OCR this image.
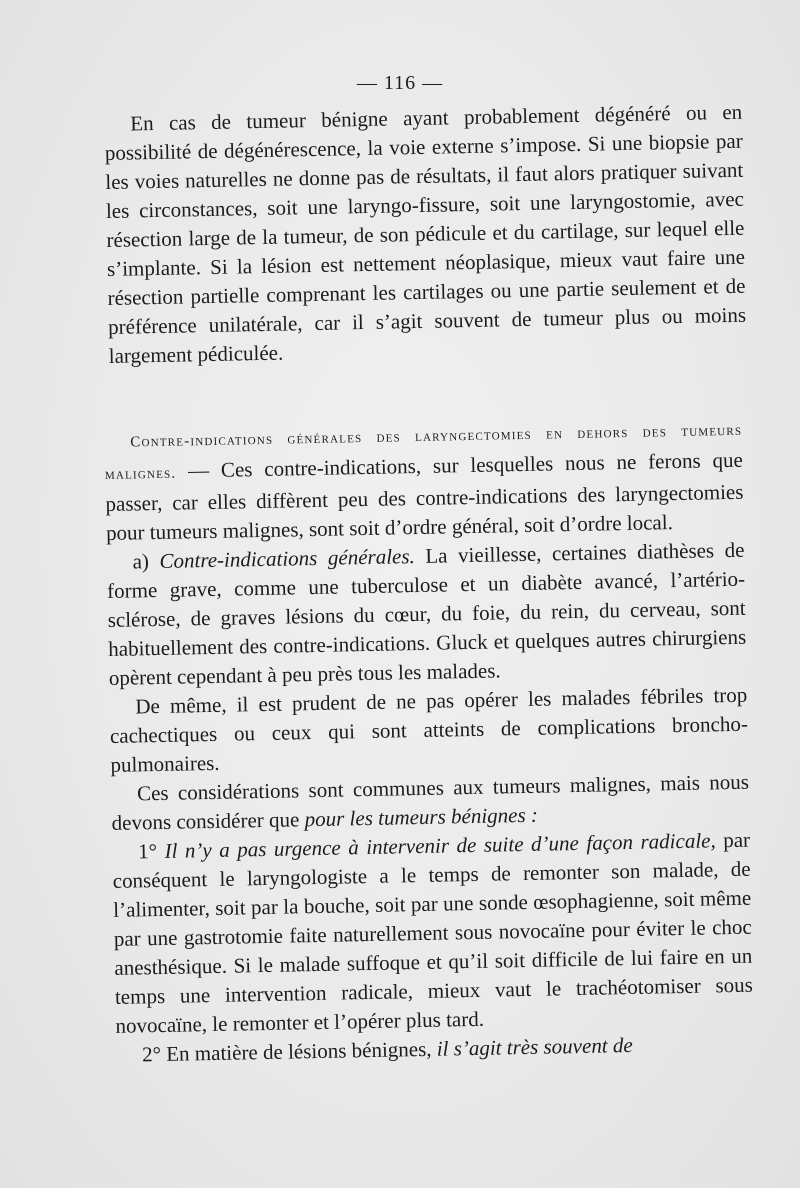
— 116 —

En cas de tumeur bénigne ayant probablement dégénéré ou en possibilité de dégénérescence, la voie externe s’impose. Si une biopsie par les voies naturelles ne donne pas de résultats, il faut alors pratiquer suivant les circonstances, soit une laryngo-fissure, soit une laryngostomie, avec résection large de la tumeur, de son pédicule et du cartilage, sur lequel elle s’implante. Si la lésion est nettement néoplasique, mieux vaut faire une résection partielle comprenant les cartilages ou une partie seulement et de préférence unilatérale, car il s’agit souvent de tumeur plus ou moins largement pédiculée.

Contre-indications générales des laryngectomies en dehors des tumeurs malignes. — Ces contre-indications, sur lesquelles nous ne ferons que passer, car elles diffèrent peu des contre-indications des laryngectomies pour tumeurs malignes, sont soit d’ordre général, soit d’ordre local.

a) Contre-indications générales. La vieillesse, certaines diathèses de forme grave, comme une tuberculose et un diabète avancé, l’artério-sclérose, de graves lésions du cœur, du foie, du rein, du cerveau, sont habituellement des contre-indications. Gluck et quelques autres chirurgiens opèrent cependant à peu près tous les malades.

De même, il est prudent de ne pas opérer les malades fébriles trop cachectiques ou ceux qui sont atteints de complications broncho-pulmonaires.

Ces considérations sont communes aux tumeurs malignes, mais nous devons considérer que pour les tumeurs bénignes :

1° Il n’y a pas urgence à intervenir de suite d’une façon radicale, par conséquent le laryngologiste a le temps de remonter son malade, de l’alimenter, soit par la bouche, soit par une sonde œsophagienne, soit même par une gastrotomie faite naturellement sous novocaïne pour éviter le choc anesthésique. Si le malade suffoque et qu’il soit difficile de lui faire en un temps une intervention radicale, mieux vaut le trachéotomiser sous novocaïne, le remonter et l’opérer plus tard.

2° En matière de lésions bénignes, il s’agit très souvent de
